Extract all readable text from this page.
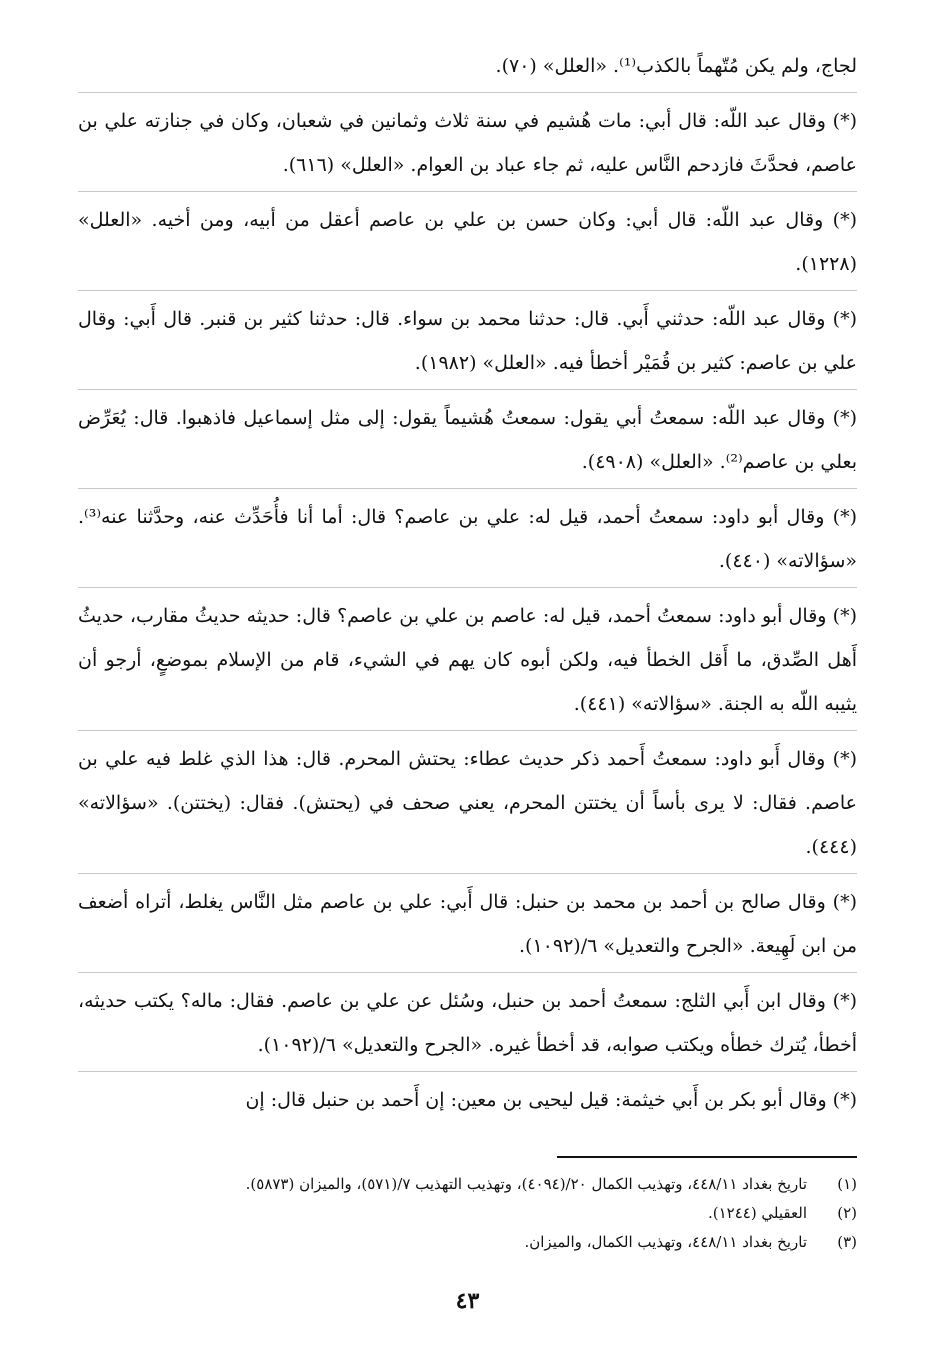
لجاج، ولم يكن مُتّهماً بالكذب⁽¹⁾. «العلل» (٧٠).

(*) وقال عبد اللّه: قال أبي: مات هُشيم في سنة ثلاث وثمانين في شعبان، وكان في جنازته علي بن عاصم، فحدَّثَ فازدحم النَّاس عليه، ثم جاء عباد بن العوام. «العلل» (٦١٦).

(*) وقال عبد اللّه: قال أبي: وكان حسن بن علي بن عاصم أعقل من أبيه، ومن أخيه. «العلل» (١٢٢٨).

(*) وقال عبد اللّه: حدثني أَبي. قال: حدثنا محمد بن سواء. قال: حدثنا كثير بن قنبر. قال أَبي: وقال علي بن عاصم: كثير بن قُمَيْر أخطأ فيه. «العلل» (١٩٨٢).

(*) وقال عبد اللّه: سمعتُ أبي يقول: سمعتُ هُشيماً يقول: إلى مثل إسماعيل فاذهبوا. قال: يُعَرِّض بعلي بن عاصم⁽²⁾. «العلل» (٤٩٠٨).

(*) وقال أبو داود: سمعتُ أحمد، قيل له: علي بن عاصم؟ قال: أما أنا فأُحَدِّث عنه، وحدَّثنا عنه⁽³⁾. «سؤالاته» (٤٤٠).

(*) وقال أبو داود: سمعتُ أحمد، قيل له: عاصم بن علي بن عاصم؟ قال: حديثه حديثُ مقارب، حديثُ أَهل الصِّدق، ما أَقل الخطأ فيه، ولكن أبوه كان يهم في الشيء، قام من الإسلام بموضعٍ، أرجو أن يثيبه اللّه به الجنة. «سؤالاته» (٤٤١).

(*) وقال أَبو داود: سمعتُ أَحمد ذكر حديث عطاء: يحتش المحرم. قال: هذا الذي غلط فيه علي بن عاصم. فقال: لا يرى بأساً أن يختتن المحرم، يعني صحف في (يحتش). فقال: (يختتن). «سؤالاته» (٤٤٤).

(*) وقال صالح بن أحمد بن محمد بن حنبل: قال أَبي: علي بن عاصم مثل النَّاس يغلط، أتراه أضعف من ابن لَهِيعة. «الجرح والتعديل» ٦/(١٠٩٢).

(*) وقال ابن أَبي الثلج: سمعتُ أحمد بن حنبل، وسُئل عن علي بن عاصم. فقال: ماله؟ يكتب حديثه، أخطأ، يُترك خطأه ويكتب صوابه، قد أخطأ غيره. «الجرح والتعديل» ٦/(١٠٩٢).

(*) وقال أبو بكر بن أَبي خيثمة: قيل ليحيى بن معين: إن أَحمد بن حنبل قال: إن

(١)
تاريخ بغداد ٤٤٨/١١، وتهذيب الكمال ٢٠/(٤٠٩٤)، وتهذيب التهذيب ٧/(٥٧١)، والميزان (٥٨٧٣).
(٢)
العقيلي (١٢٤٤).
(٣)
تاريخ بغداد ٤٤٨/١١، وتهذيب الكمال، والميزان.
٤٣
